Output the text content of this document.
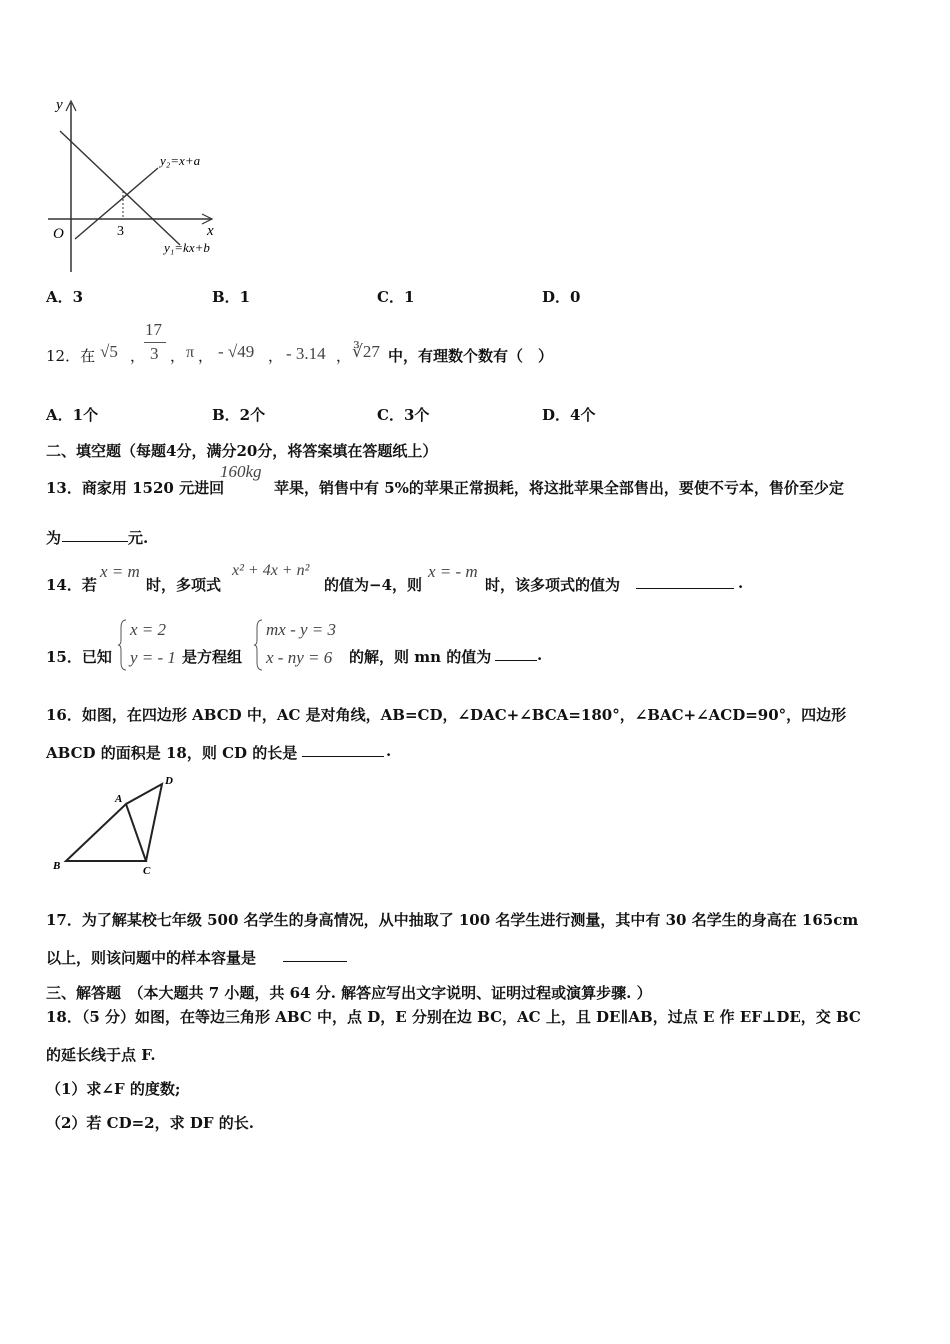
y
x
O	3
y₂=x+a
y₁=kx+b
A．3	B．1	C．1	D．0
12．在 √5 ，
17
3 ， π ， - √49 ， - 3.14 ， ∛27 中，有理数个数有（　）
A．1个	B．2个	C．3个	D．4个
二、填空题（每题4分，满分20分，将答案填在答题纸上）
13．商家用 1520 元进回
160kg
苹果，销售中有 5%的苹果正常损耗，将这批苹果全部售出，要使不亏本，售价至少定
为	元.
14．若
x = m
时，多项式
x² + 4x + n²
的值为−4，则
x = - m
时，该多项式的值为	.
15．已知
x = 2
y = - 1 是方程组
mx - y = 3
x - ny = 6 的解，则 mn 的值为	.
16．如图，在四边形 ABCD 中，AC 是对角线，AB=CD，∠DAC+∠BCA=180°，∠BAC+∠ACD=90°，四边形
ABCD 的面积是 18，则 CD 的长是	.
A
B	C
D
17．为了解某校七年级 500 名学生的身高情况，从中抽取了 100 名学生进行测量，其中有 30 名学生的身高在 165cm
以上，则该问题中的样本容量是
三、解答题　（本大题共 7 小题，共 64 分. 解答应写出文字说明、证明过程或演算步骤. ）
18．（5 分）如图，在等边三角形 ABC 中，点 D，E 分别在边 BC，AC 上，且 DE∥AB，过点 E 作 EF⊥DE，交 BC
的延长线于点 F.
（1）求∠F 的度数;
（2）若 CD=2，求 DF 的长.
